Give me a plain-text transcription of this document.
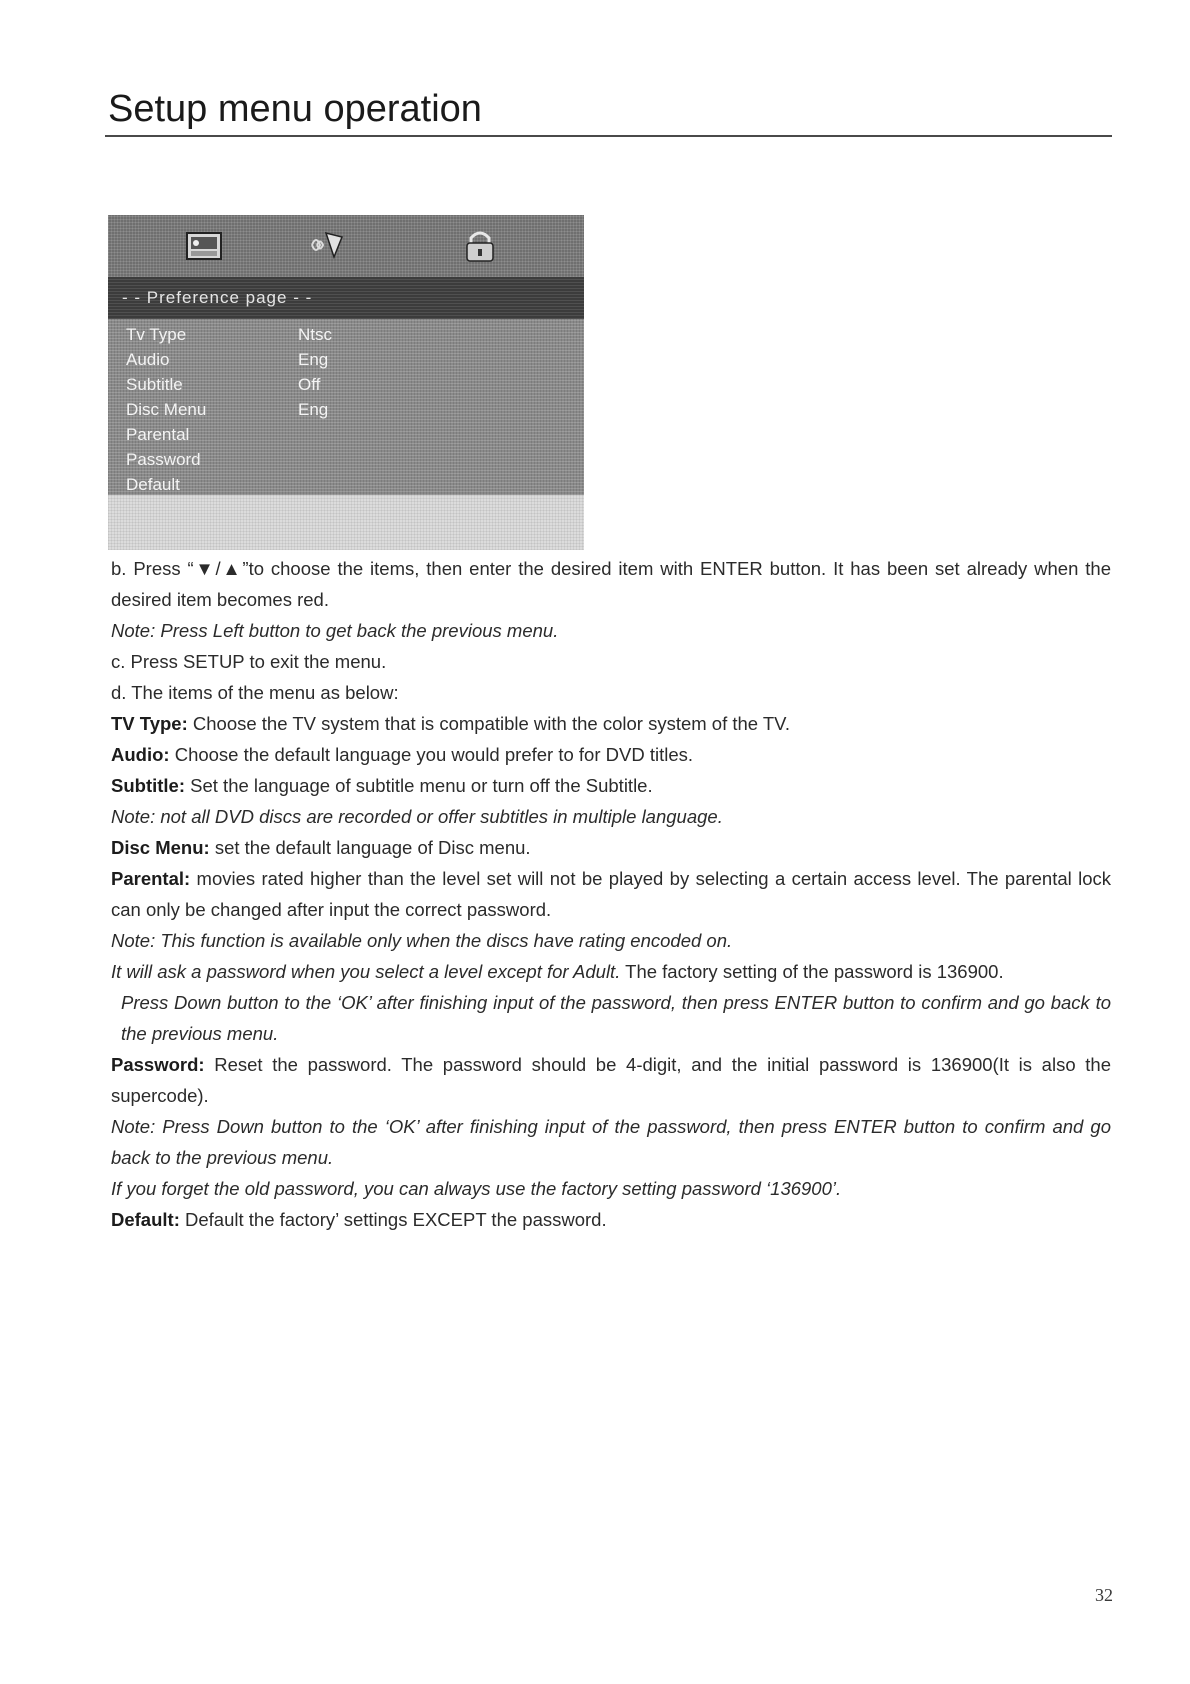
Setup menu operation
- - Preference page - -
Tv Type	Ntsc
Audio	Eng
Subtitle	Off
Disc Menu	Eng
Parental
Password
Default

b. Press “▼/▲”to choose the items, then enter the desired item with ENTER button. It has been set already when the desired item becomes red.

Note: Press Left button to get back the previous menu.

c. Press SETUP to exit the menu.

d. The items of the menu as below:

TV Type: Choose the TV system that is compatible with the color system of the TV.

Audio: Choose the default language you would prefer to for DVD titles.

Subtitle: Set the language of subtitle menu or turn off the Subtitle.

Note: not all DVD discs are recorded or offer subtitles in multiple language.

Disc Menu: set the default language of Disc menu.

Parental: movies rated higher than the level set will not be played by selecting a certain access level. The parental lock can only be changed after input the correct password.

Note: This function is available only when the discs have rating encoded on.

It will ask a password when you select a level except for Adult. The factory setting of the password is 136900.

Press Down button to the ‘OK’ after finishing input of the password, then press ENTER button to confirm and go back to the previous menu.

Password: Reset the password. The password should be 4-digit, and the initial password is 136900(It is also the supercode).

Note: Press Down button to the ‘OK’ after finishing input of the password, then press ENTER button to confirm and go back to the previous menu.

If you forget the old password, you can always use the factory setting password ‘136900’.

Default: Default the factory’ settings EXCEPT the password.

32
